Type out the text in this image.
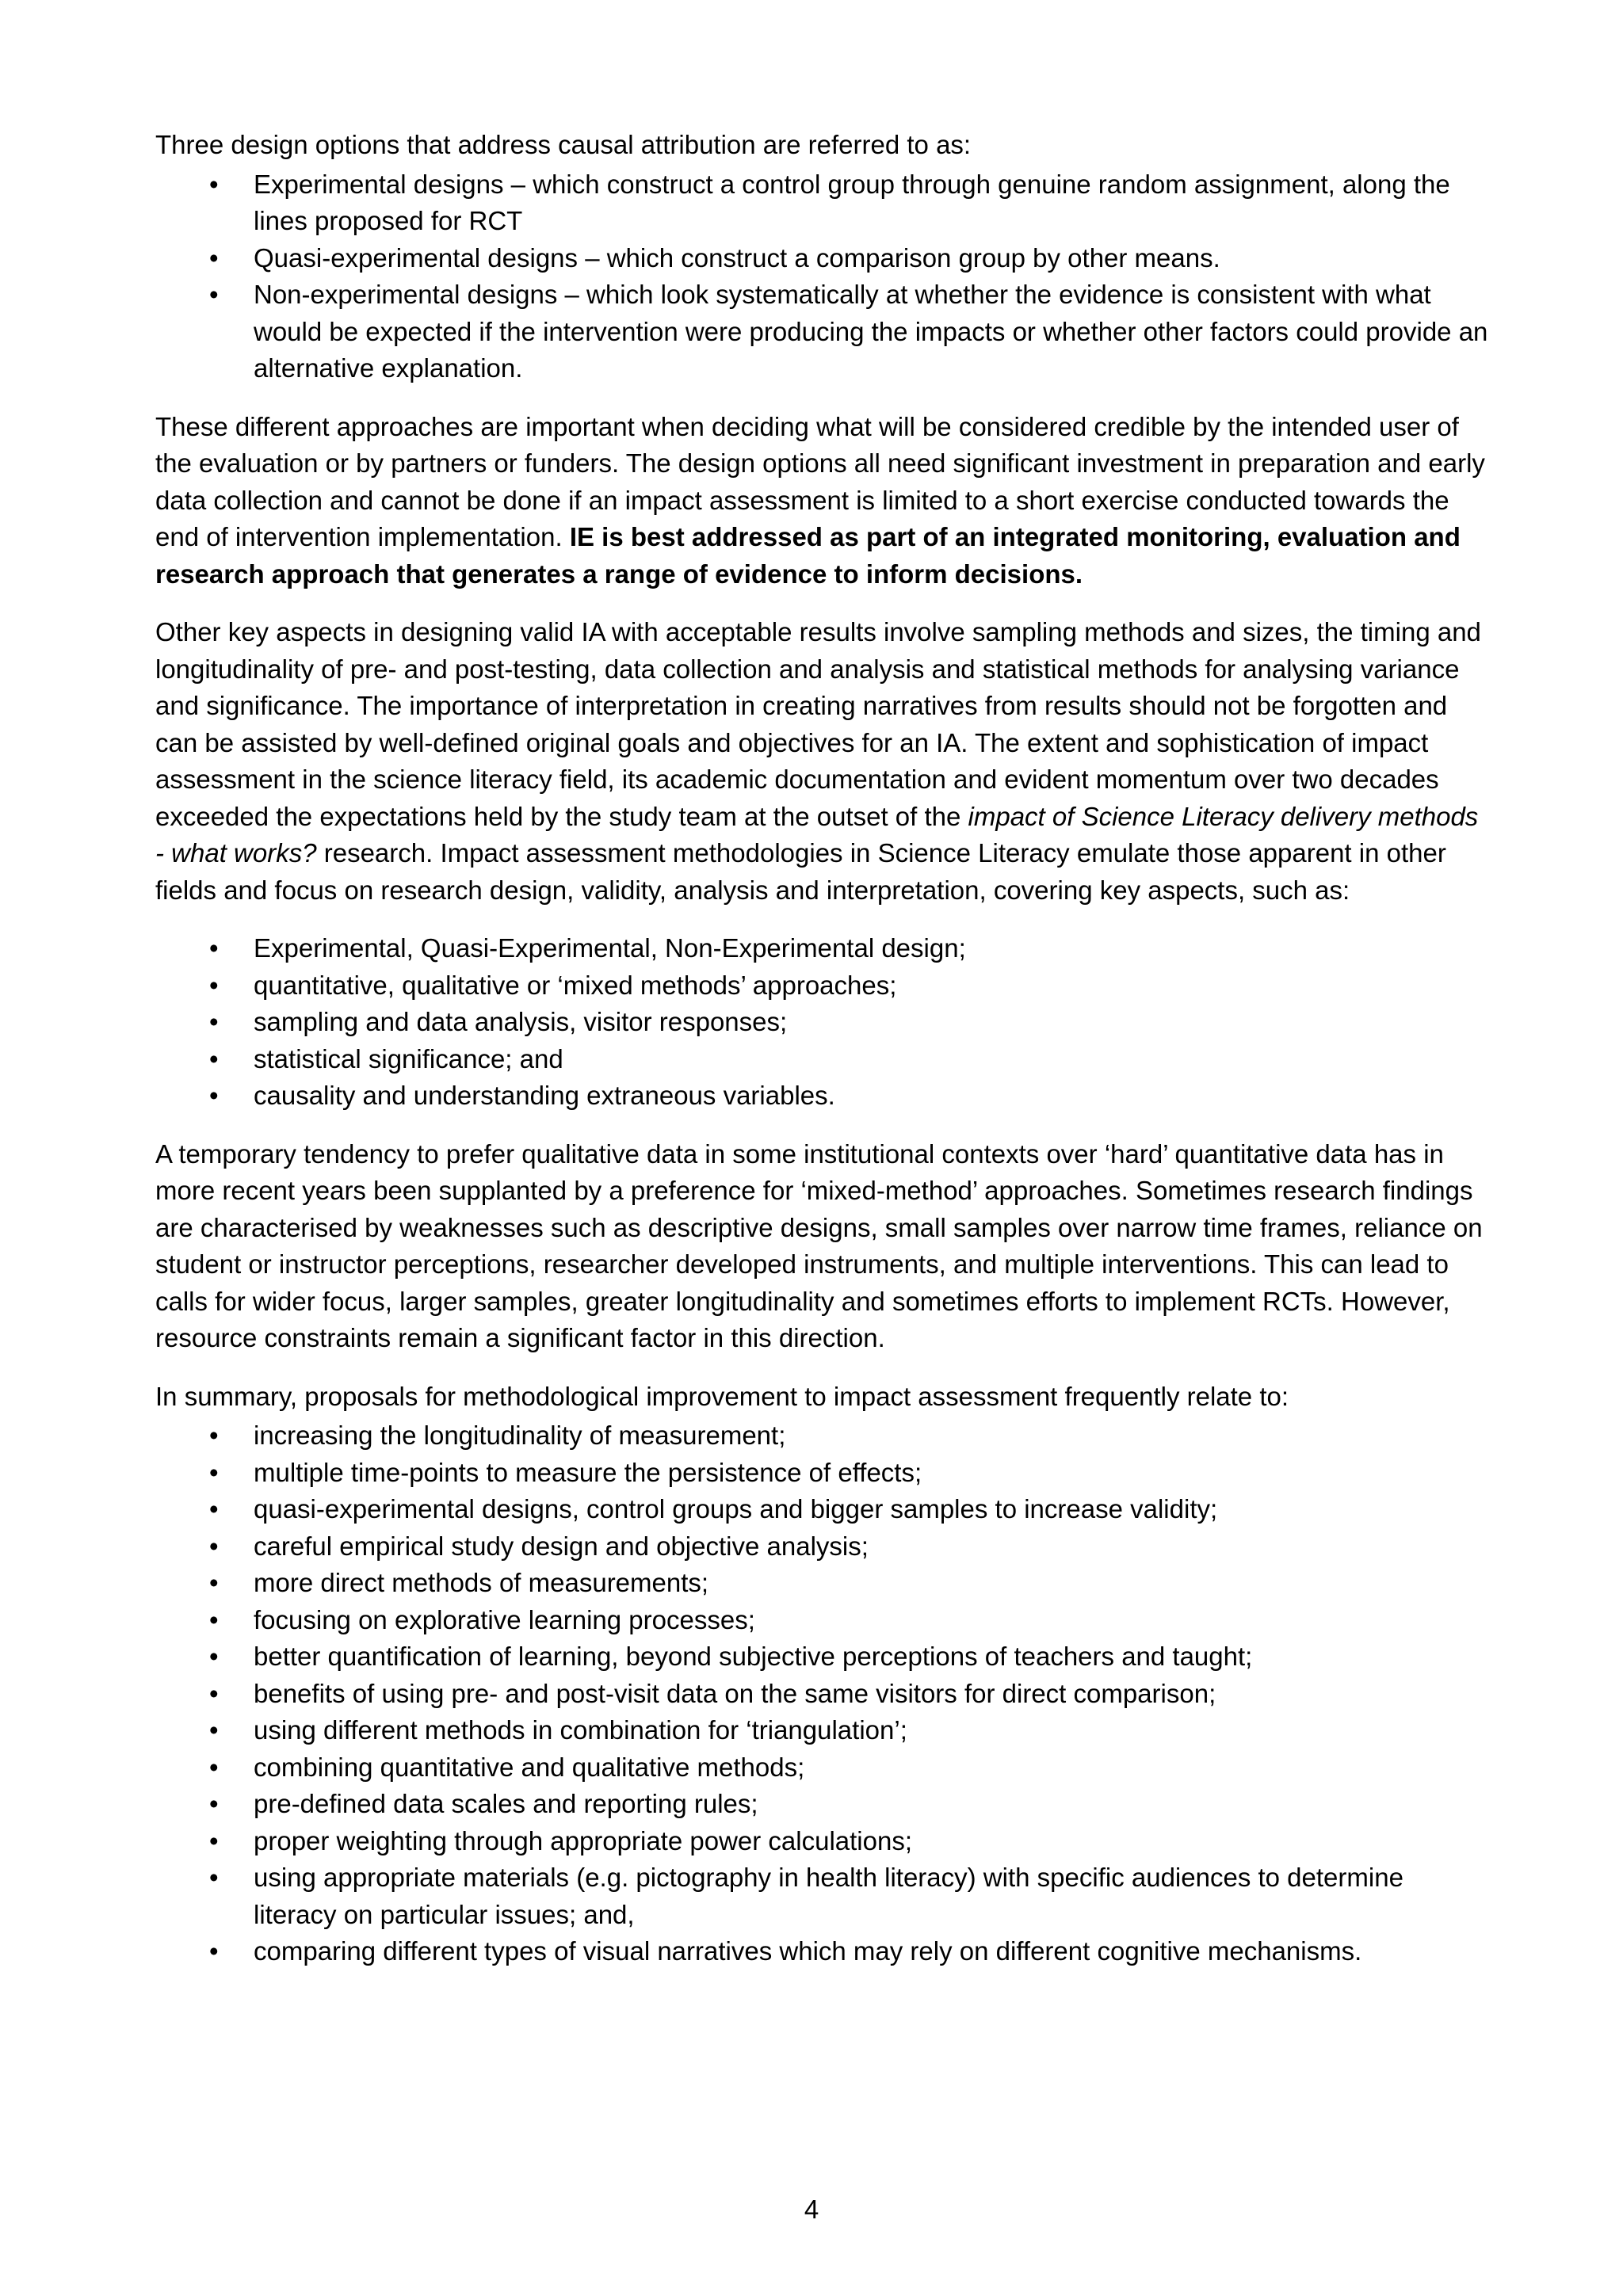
Three design options that address causal attribution are referred to as:

• Experimental designs – which construct a control group through genuine random assignment, along the lines proposed for RCT
• Quasi-experimental designs – which construct a comparison group by other means.
• Non-experimental designs – which look systematically at whether the evidence is consistent with what would be expected if the intervention were producing the impacts or whether other factors could provide an alternative explanation.

These different approaches are important when deciding what will be considered credible by the intended user of the evaluation or by partners or funders. The design options all need significant investment in preparation and early data collection and cannot be done if an impact assessment is limited to a short exercise conducted towards the end of intervention implementation. IE is best addressed as part of an integrated monitoring, evaluation and research approach that generates a range of evidence to inform decisions.

Other key aspects in designing valid IA with acceptable results involve sampling methods and sizes, the timing and longitudinality of pre- and post-testing, data collection and analysis and statistical methods for analysing variance and significance. The importance of interpretation in creating narratives from results should not be forgotten and can be assisted by well-defined original goals and objectives for an IA. The extent and sophistication of impact assessment in the science literacy field, its academic documentation and evident momentum over two decades exceeded the expectations held by the study team at the outset of the impact of Science Literacy delivery methods - what works? research. Impact assessment methodologies in Science Literacy emulate those apparent in other fields and focus on research design, validity, analysis and interpretation, covering key aspects, such as:

• Experimental, Quasi-Experimental, Non-Experimental design;
• quantitative, qualitative or ‘mixed methods’ approaches;
• sampling and data analysis, visitor responses;
• statistical significance; and
• causality and understanding extraneous variables.

A temporary tendency to prefer qualitative data in some institutional contexts over ‘hard’ quantitative data has in more recent years been supplanted by a preference for ‘mixed-method’ approaches. Sometimes research findings are characterised by weaknesses such as descriptive designs, small samples over narrow time frames, reliance on student or instructor perceptions, researcher developed instruments, and multiple interventions. This can lead to calls for wider focus, larger samples, greater longitudinality and sometimes efforts to implement RCTs. However, resource constraints remain a significant factor in this direction.

In summary, proposals for methodological improvement to impact assessment frequently relate to:

• increasing the longitudinality of measurement;
• multiple time-points to measure the persistence of effects;
• quasi-experimental designs, control groups and bigger samples to increase validity;
• careful empirical study design and objective analysis;
• more direct methods of measurements;
• focusing on explorative learning processes;
• better quantification of learning, beyond subjective perceptions of teachers and taught;
• benefits of using pre- and post-visit data on the same visitors for direct comparison;
• using different methods in combination for ‘triangulation’;
• combining quantitative and qualitative methods;
• pre-defined data scales and reporting rules;
• proper weighting through appropriate power calculations;
• using appropriate materials (e.g. pictography in health literacy) with specific audiences to determine literacy on particular issues; and,
• comparing different types of visual narratives which may rely on different cognitive mechanisms.
4
